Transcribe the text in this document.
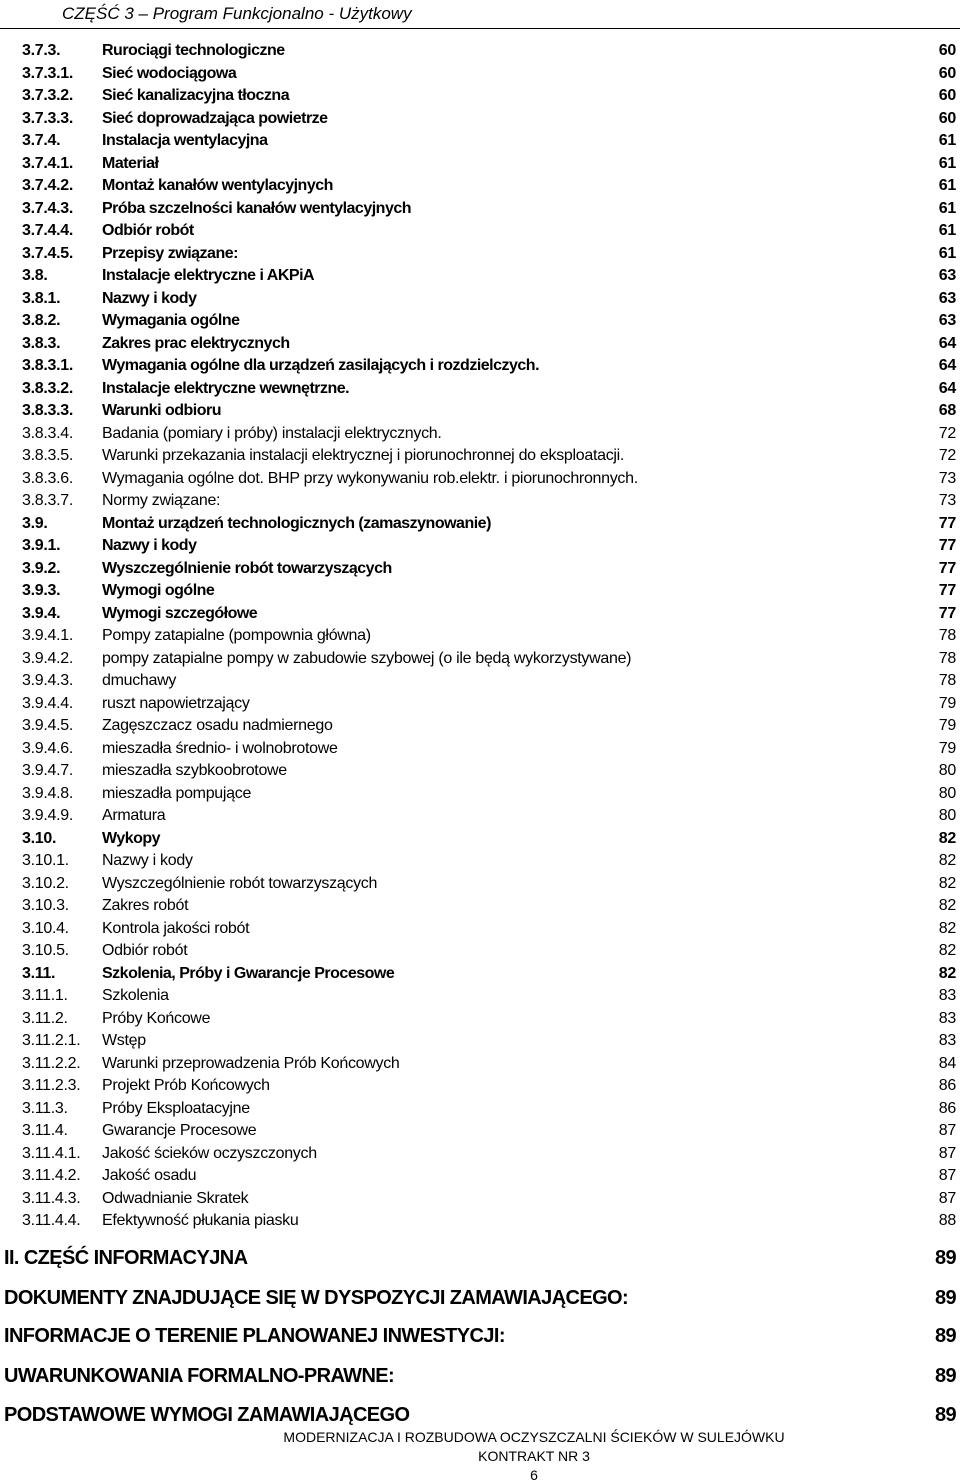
CZĘŚĆ 3 – Program Funkcjonalno - Użytkowy
3.7.3.	Rurociągi technologiczne	60
3.7.3.1. Sieć wodociągowa	60
3.7.3.2. Sieć kanalizacyjna tłoczna	60
3.7.3.3. Sieć doprowadzająca powietrze	60
3.7.4.	Instalacja wentylacyjna	61
3.7.4.1. Materiał	61
3.7.4.2. Montaż kanałów wentylacyjnych	61
3.7.4.3. Próba szczelności kanałów wentylacyjnych	61
3.7.4.4. Odbiór robót	61
3.7.4.5. Przepisy związane:	61
3.8.	Instalacje elektryczne i AKPiA	63
3.8.1.	Nazwy i kody	63
3.8.2.	Wymagania ogólne	63
3.8.3.	Zakres prac elektrycznych	64
3.8.3.1. Wymagania ogólne dla urządzeń zasilających i rozdzielczych.	64
3.8.3.2. Instalacje elektryczne wewnętrzne.	64
3.8.3.3. Warunki odbioru	68
3.8.3.4. Badania (pomiary i próby) instalacji elektrycznych.	72
3.8.3.5. Warunki przekazania instalacji elektrycznej i piorunochronnej do eksploatacji.	72
3.8.3.6. Wymagania ogólne dot. BHP przy wykonywaniu rob.elektr. i piorunochronnych.	73
3.8.3.7. Normy związane:	73
3.9.	Montaż urządzeń technologicznych (zamaszynowanie)	77
3.9.1.	Nazwy i kody	77
3.9.2.	Wyszczególnienie robót towarzyszących	77
3.9.3.	Wymogi ogólne	77
3.9.4.	Wymogi szczegółowe	77
3.9.4.1. Pompy zatapialne (pompownia główna)	78
3.9.4.2. pompy zatapialne pompy w zabudowie szybowej (o ile będą wykorzystywane)	78
3.9.4.3. dmuchawy	78
3.9.4.4. ruszt napowietrzający	79
3.9.4.5. Zagęszczacz osadu nadmiernego	79
3.9.4.6. mieszadła średnio- i wolnobrotowe	79
3.9.4.7. mieszadła szybkoobrotowe	80
3.9.4.8. mieszadła pompujące	80
3.9.4.9. Armatura	80
3.10.	Wykopy	82
3.10.1. Nazwy i kody	82
3.10.2. Wyszczególnienie robót towarzyszących	82
3.10.3. Zakres robót	82
3.10.4. Kontrola jakości robót	82
3.10.5. Odbiór robót	82
3.11.	Szkolenia, Próby i Gwarancje Procesowe	82
3.11.1. Szkolenia	83
3.11.2. Próby Końcowe	83
3.11.2.1. Wstęp	83
3.11.2.2. Warunki przeprowadzenia Prób Końcowych	84
3.11.2.3. Projekt Prób Końcowych	86
3.11.3. Próby Eksploatacyjne	86
3.11.4. Gwarancje Procesowe	87
3.11.4.1. Jakość ścieków oczyszczonych	87
3.11.4.2. Jakość osadu	87
3.11.4.3. Odwadnianie Skratek	87
3.11.4.4. Efektywność płukania piasku	88
II. CZĘŚĆ INFORMACYJNA	89
DOKUMENTY ZNAJDUJĄCE SIĘ W DYSPOZYCJI ZAMAWIAJĄCEGO:	89
INFORMACJE O TERENIE PLANOWANEJ INWESTYCJI:	89
UWARUNKOWANIA FORMALNO-PRAWNE:	89
PODSTAWOWE WYMOGI ZAMAWIAJĄCEGO	89
MODERNIZACJA I ROZBUDOWA OCZYSZCZALNI ŚCIEKÓW W SULEJÓWKU
KONTRAKT NR 3
6
